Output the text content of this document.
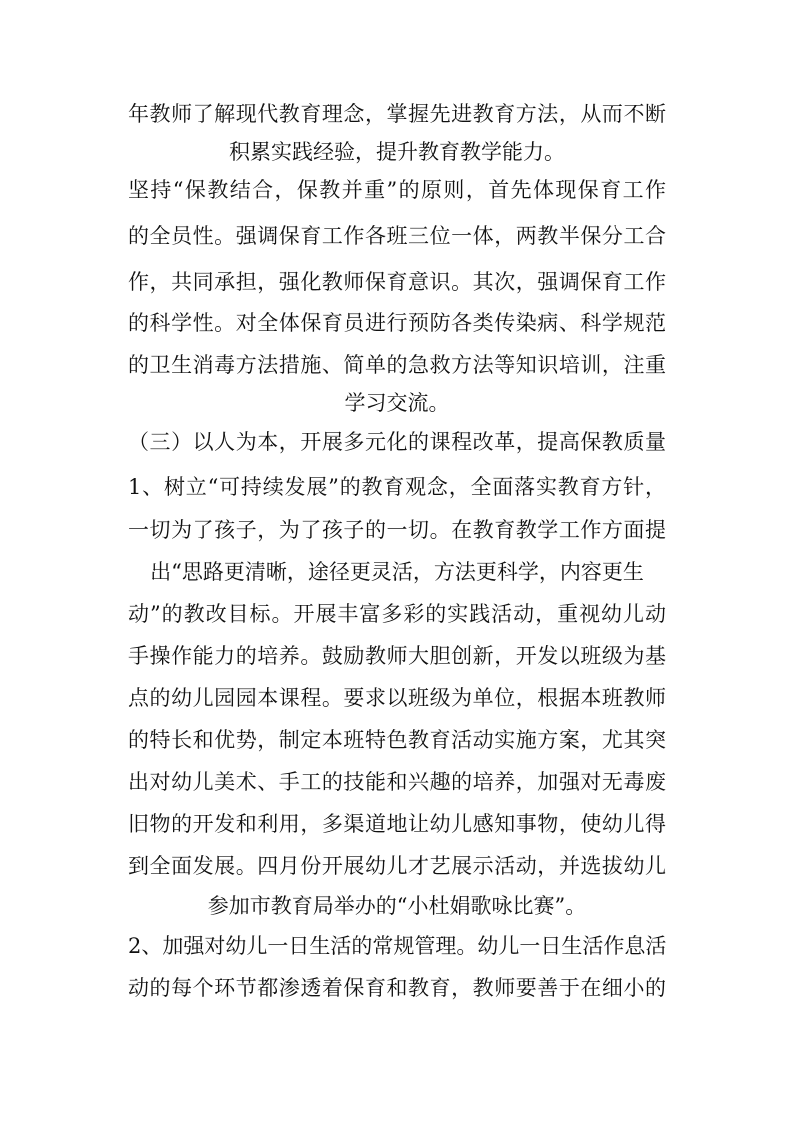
年教师了解现代教育理念，掌握先进教育方法，从而不断
积累实践经验，提升教育教学能力。
坚持“保教结合，保教并重”的原则，首先体现保育工作
的全员性。强调保育工作各班三位一体，两教半保分工合
作，共同承担，强化教师保育意识。其次，强调保育工作
的科学性。对全体保育员进行预防各类传染病、科学规范
的卫生消毒方法措施、简单的急救方法等知识培训，注重
学习交流。
（三）以人为本，开展多元化的课程改革，提高保教质量
1、树立“可持续发展”的教育观念，全面落实教育方针，
一切为了孩子，为了孩子的一切。在教育教学工作方面提
出“思路更清晰，途径更灵活，方法更科学，内容更生
动”的教改目标。开展丰富多彩的实践活动，重视幼儿动
手操作能力的培养。鼓励教师大胆创新，开发以班级为基
点的幼儿园园本课程。要求以班级为单位，根据本班教师
的特长和优势，制定本班特色教育活动实施方案，尤其突
出对幼儿美术、手工的技能和兴趣的培养，加强对无毒废
旧物的开发和利用，多渠道地让幼儿感知事物，使幼儿得
到全面发展。四月份开展幼儿才艺展示活动，并选拔幼儿
参加市教育局举办的“小杜娟歌咏比赛”。
2、加强对幼儿一日生活的常规管理。幼儿一日生活作息活
动的每个环节都渗透着保育和教育，教师要善于在细小的
